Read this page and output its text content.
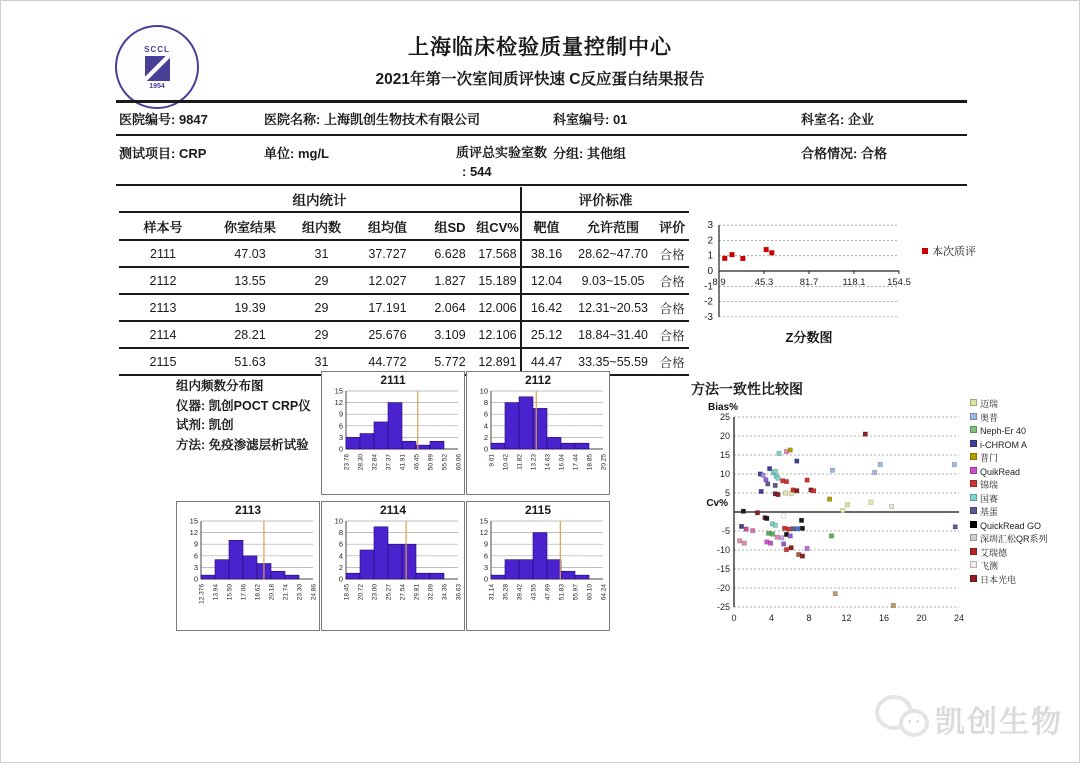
SCCL
1954
上海临床检验质量控制中心
2021年第一次室间质评快速 C反应蛋白结果报告
医院编号: 9847	医院名称: 上海凯创生物技术有限公司	科室编号: 01	科室名: 企业
测试项目: CRP	单位: mg/L	质评总实验室数
: 544
分组: 其他组	合格情况: 合格
组内统计						评价标准		
样本号	你室结果	组内数	组均值	组SD	组CV%	靶值	允许范围	评价
2111	47.03	31	37.727	6.628	17.568	38.16	28.62~47.70	合格
2112	13.55	29	12.027	1.827	15.189	12.04	9.03~15.05	合格
2113	19.39	29	17.191	2.064	12.006	16.42	12.31~20.53	合格
2114	28.21	29	25.676	3.109	12.106	25.12	18.84~31.40	合格
2115	51.63	31	44.772	5.772	12.891	44.47	33.35~55.59	合格
3
2
1
0
-1
-2
-3
8.9	45.3	81.7	118.1 154.5
本次质评
Z分数图
组内频数分布图
仪器: 凯创POCT CRP仪
试剂: 凯创
方法: 免疫渗滤层析试验
2111
0
3
6
9
12
15
23.76 28.30 32.84 37.37 41.91 46.45 50.99 55.52 60.06
2112
0
2
4
6
8
10
9.01 10.42 11.82 13.23 14.63 16.04 17.44 18.85 20.25
2113
0
3
6
9
12
15
12.376 13.94 15.50 17.06 18.62 20.18 21.74 23.30 24.86
2114
0
2
4
6
8
10
18.45 20.72 23.00 25.27 27.54 29.81 32.09 34.36 36.63
2115
0
3
6
9
12
15
31.14 35.28 39.42 43.55 47.69 51.83 55.97 60.10 64.24
方法一致性比较图
25
20
15
10
5
-5
-10
-15
-20
-25
0	4	8	12	16	20	24
Bias%
Cv%
迈瑞
奥普
Neph-Er 40
i-CHROM A
普门
QuikRead
锦瑞
国赛
基蛋
QuickRead GO
深圳汇松QR系列
艾瑞德
飞测
日本光电
凯创生物
